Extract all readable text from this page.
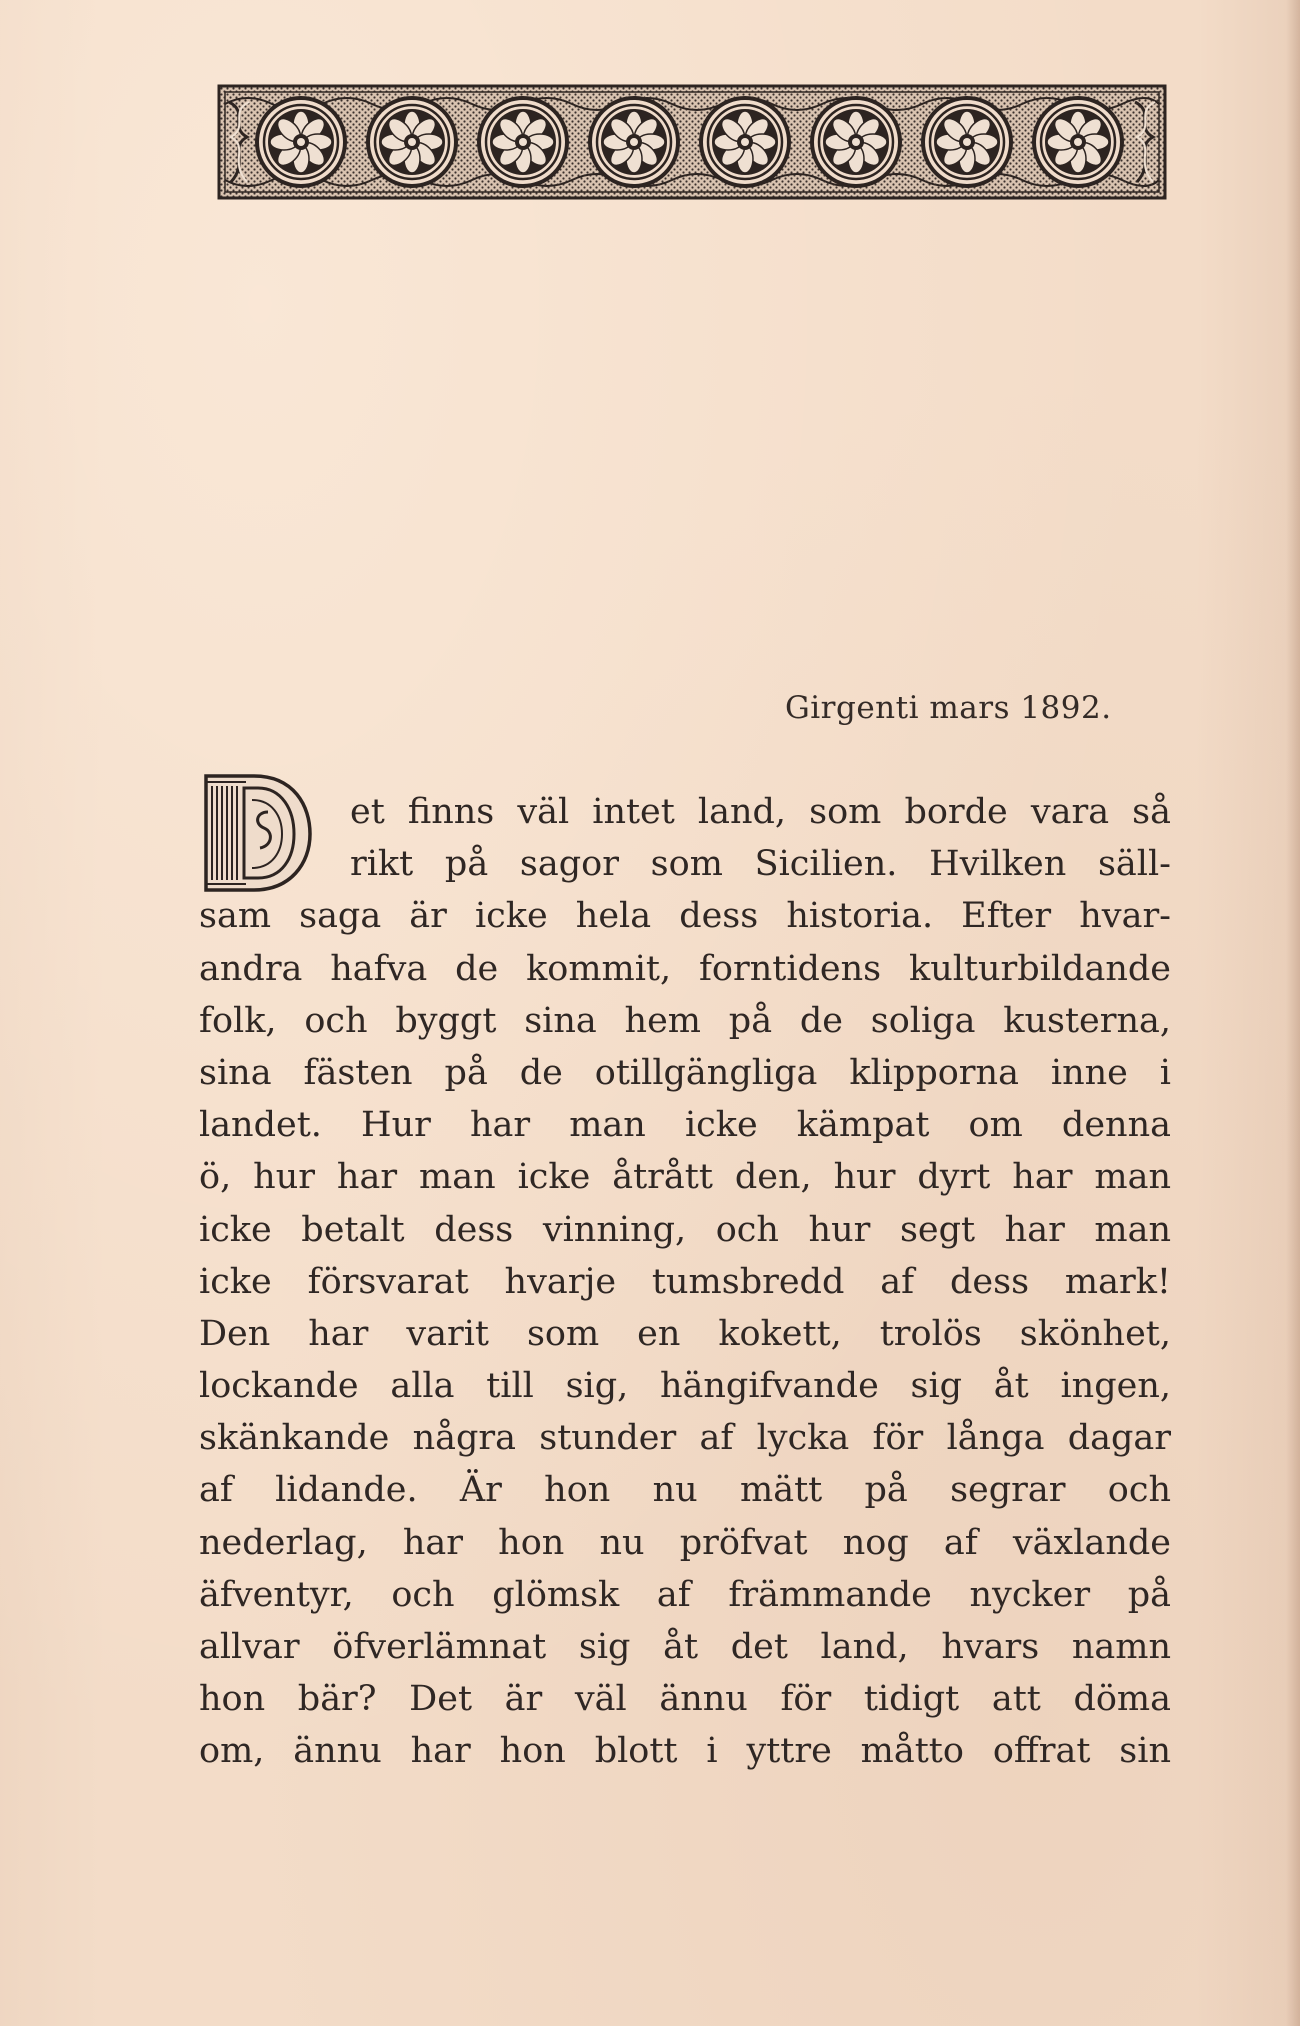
Girgenti mars 1892.
et finns väl intet land, som borde vara så
rikt på sagor som Sicilien. Hvilken säll-
sam saga är icke hela dess historia. Efter hvar-
andra hafva de kommit, forntidens kulturbildande
folk, och byggt sina hem på de soliga kusterna,
sina fästen på de otillgängliga klipporna inne i
landet. Hur har man icke kämpat om denna
ö, hur har man icke åtrått den, hur dyrt har man
icke betalt dess vinning, och hur segt har man
icke försvarat hvarje tumsbredd af dess mark!
Den har varit som en kokett, trolös skönhet,
lockande alla till sig, hängifvande sig åt ingen,
skänkande några stunder af lycka för långa dagar
af lidande. Är hon nu mätt på segrar och
nederlag, har hon nu pröfvat nog af växlande
äfventyr, och glömsk af främmande nycker på
allvar öfverlämnat sig åt det land, hvars namn
hon bär? Det är väl ännu för tidigt att döma
om, ännu har hon blott i yttre måtto offrat sin
